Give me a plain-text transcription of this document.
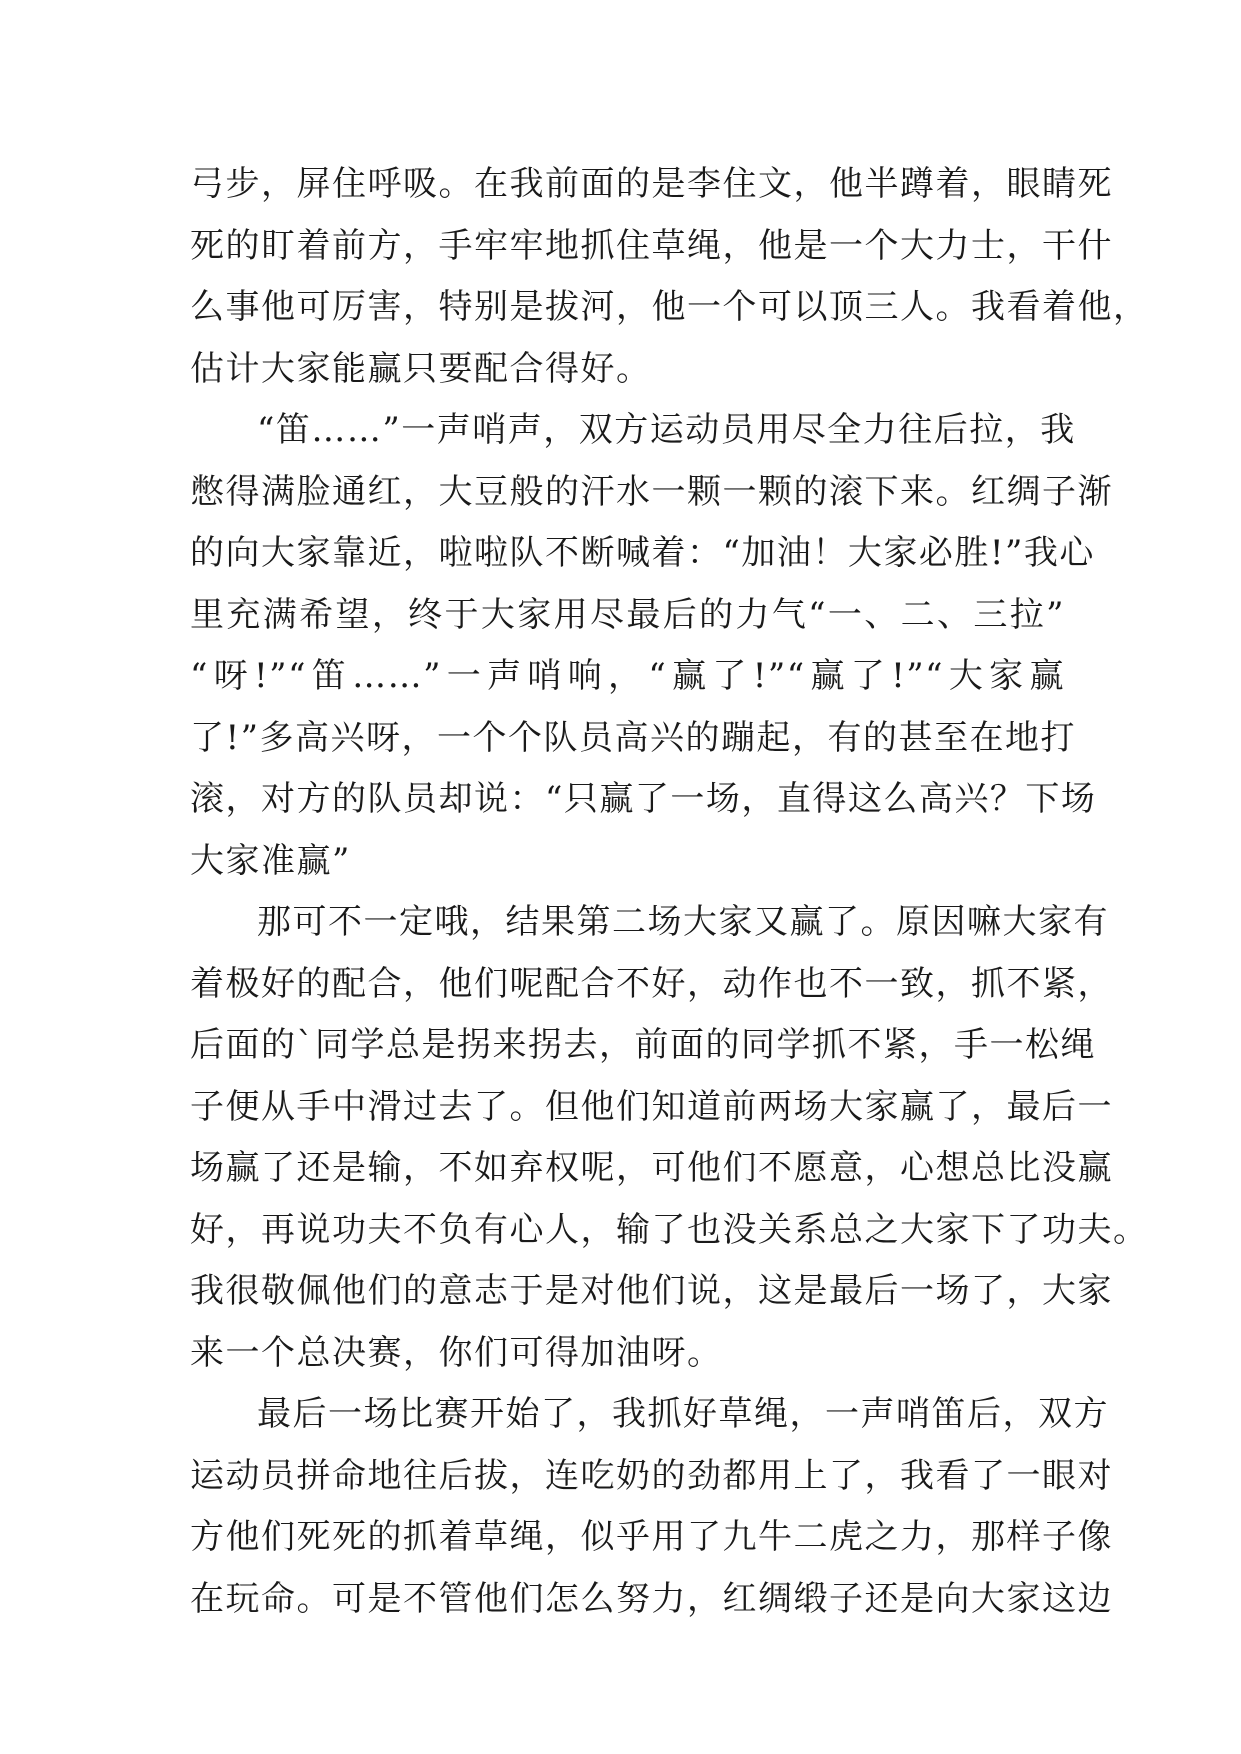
弓步，屏住呼吸。在我前面的是李住文，他半蹲着，眼睛死
死的盯着前方，手牢牢地抓住草绳，他是一个大力士，干什
么事他可厉害，特别是拔河，他一个可以顶三人。我看着他，
估计大家能赢只要配合得好。
“笛……”一声哨声，双方运动员用尽全力往后拉，我
憋得满脸通红，大豆般的汗水一颗一颗的滚下来。红绸子渐
的向大家靠近，啦啦队不断喊着：“加油！大家必胜!”我心
里充满希望，终于大家用尽最后的力气“一、二、三拉”
“呀!”“笛……”一声哨响，“赢了!”“赢了!”“大家赢
了!”多高兴呀，一个个队员高兴的蹦起，有的甚至在地打
滚，对方的队员却说：“只赢了一场，直得这么高兴？下场
大家准赢”
那可不一定哦，结果第二场大家又赢了。原因嘛大家有
着极好的配合，他们呢配合不好，动作也不一致，抓不紧，
后面的`同学总是拐来拐去，前面的同学抓不紧，手一松绳
子便从手中滑过去了。但他们知道前两场大家赢了，最后一
场赢了还是输，不如弃权呢，可他们不愿意，心想总比没赢
好，再说功夫不负有心人，输了也没关系总之大家下了功夫。
我很敬佩他们的意志于是对他们说，这是最后一场了，大家
来一个总决赛，你们可得加油呀。
最后一场比赛开始了，我抓好草绳，一声哨笛后，双方
运动员拼命地往后拔，连吃奶的劲都用上了，我看了一眼对
方他们死死的抓着草绳，似乎用了九牛二虎之力，那样子像
在玩命。可是不管他们怎么努力，红绸缎子还是向大家这边
